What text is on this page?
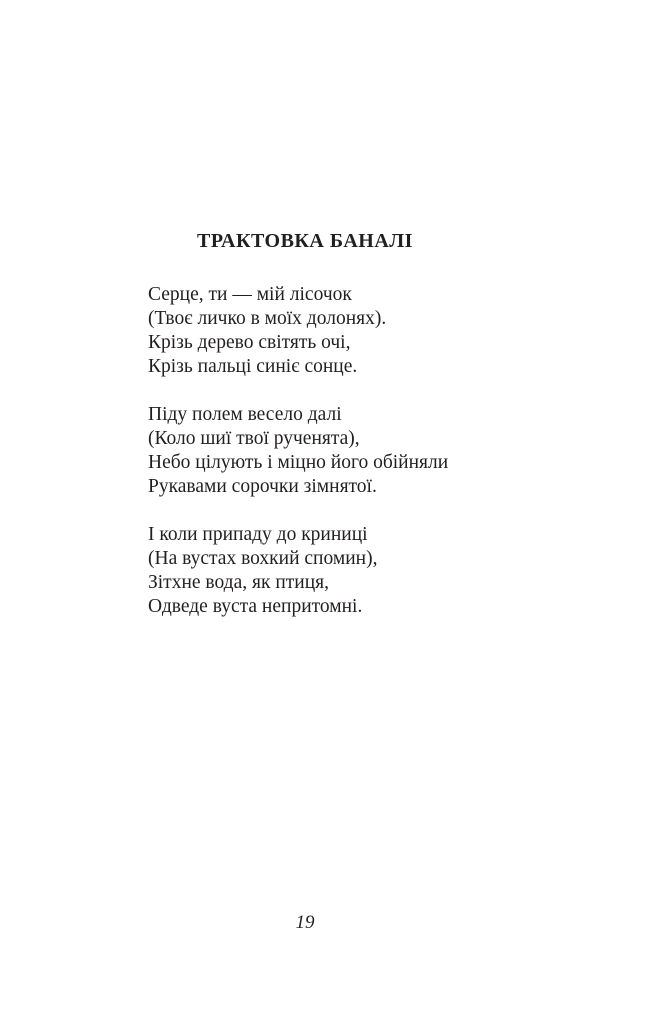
ТРАКТОВКА БАНАЛІ
Серце, ти — мій лісочок
(Твоє личко в моїх долонях).
Крізь дерево світять очі,
Крізь пальці синіє сонце.
Піду полем весело далі
(Коло шиї твої рученята),
Небо цілують і міцно його обійняли
Рукавами сорочки зімнятої.
І коли припаду до криниці
(На вустах вохкий спомин),
Зітхне вода, як птиця,
Одведе вуста непритомні.
19
